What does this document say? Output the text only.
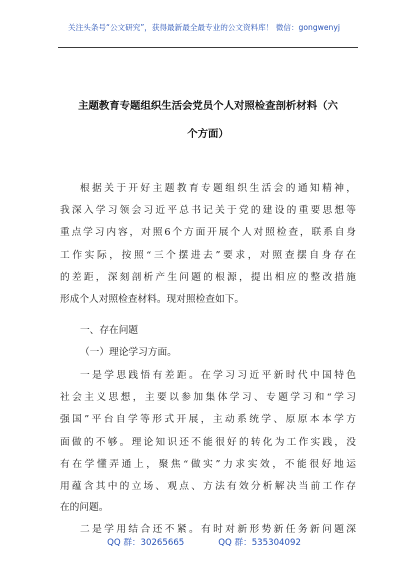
关注头条号“公文研究”，获得最新最全最专业的公文资料库！ 微信：gongwenyj
主题教育专题组织生活会党员个人对照检查剖析材料（六
个方面）
根据关于开好主题教育专题组织生活会的通知精神，
我深入学习领会习近平总书记关于党的建设的重要思想等
重点学习内容，对照6个方面开展个人对照检查，联系自身
工作实际，按照“三个摆进去”要求，对照查摆自身存在
的差距，深刻剖析产生问题的根源，提出相应的整改措施
形成个人对照检查材料。现对照检查如下。
一、存在问题
（一）理论学习方面。
一是学思践悟有差距。在学习习近平新时代中国特色
社会主义思想，主要以参加集体学习、专题学习和“学习
强国”平台自学等形式开展，主动系统学、原原本本学方
面做的不够。理论知识还不能很好的转化为工作实践，没
有在学懂弄通上，聚焦“做实”力求实效，不能很好地运
用蕴含其中的立场、观点、方法有效分析解决当前工作存
在的问题。
二是学用结合还不紧。有时对新形势新任务新问题深
QQ 群：30265665	QQ 群：535304092
